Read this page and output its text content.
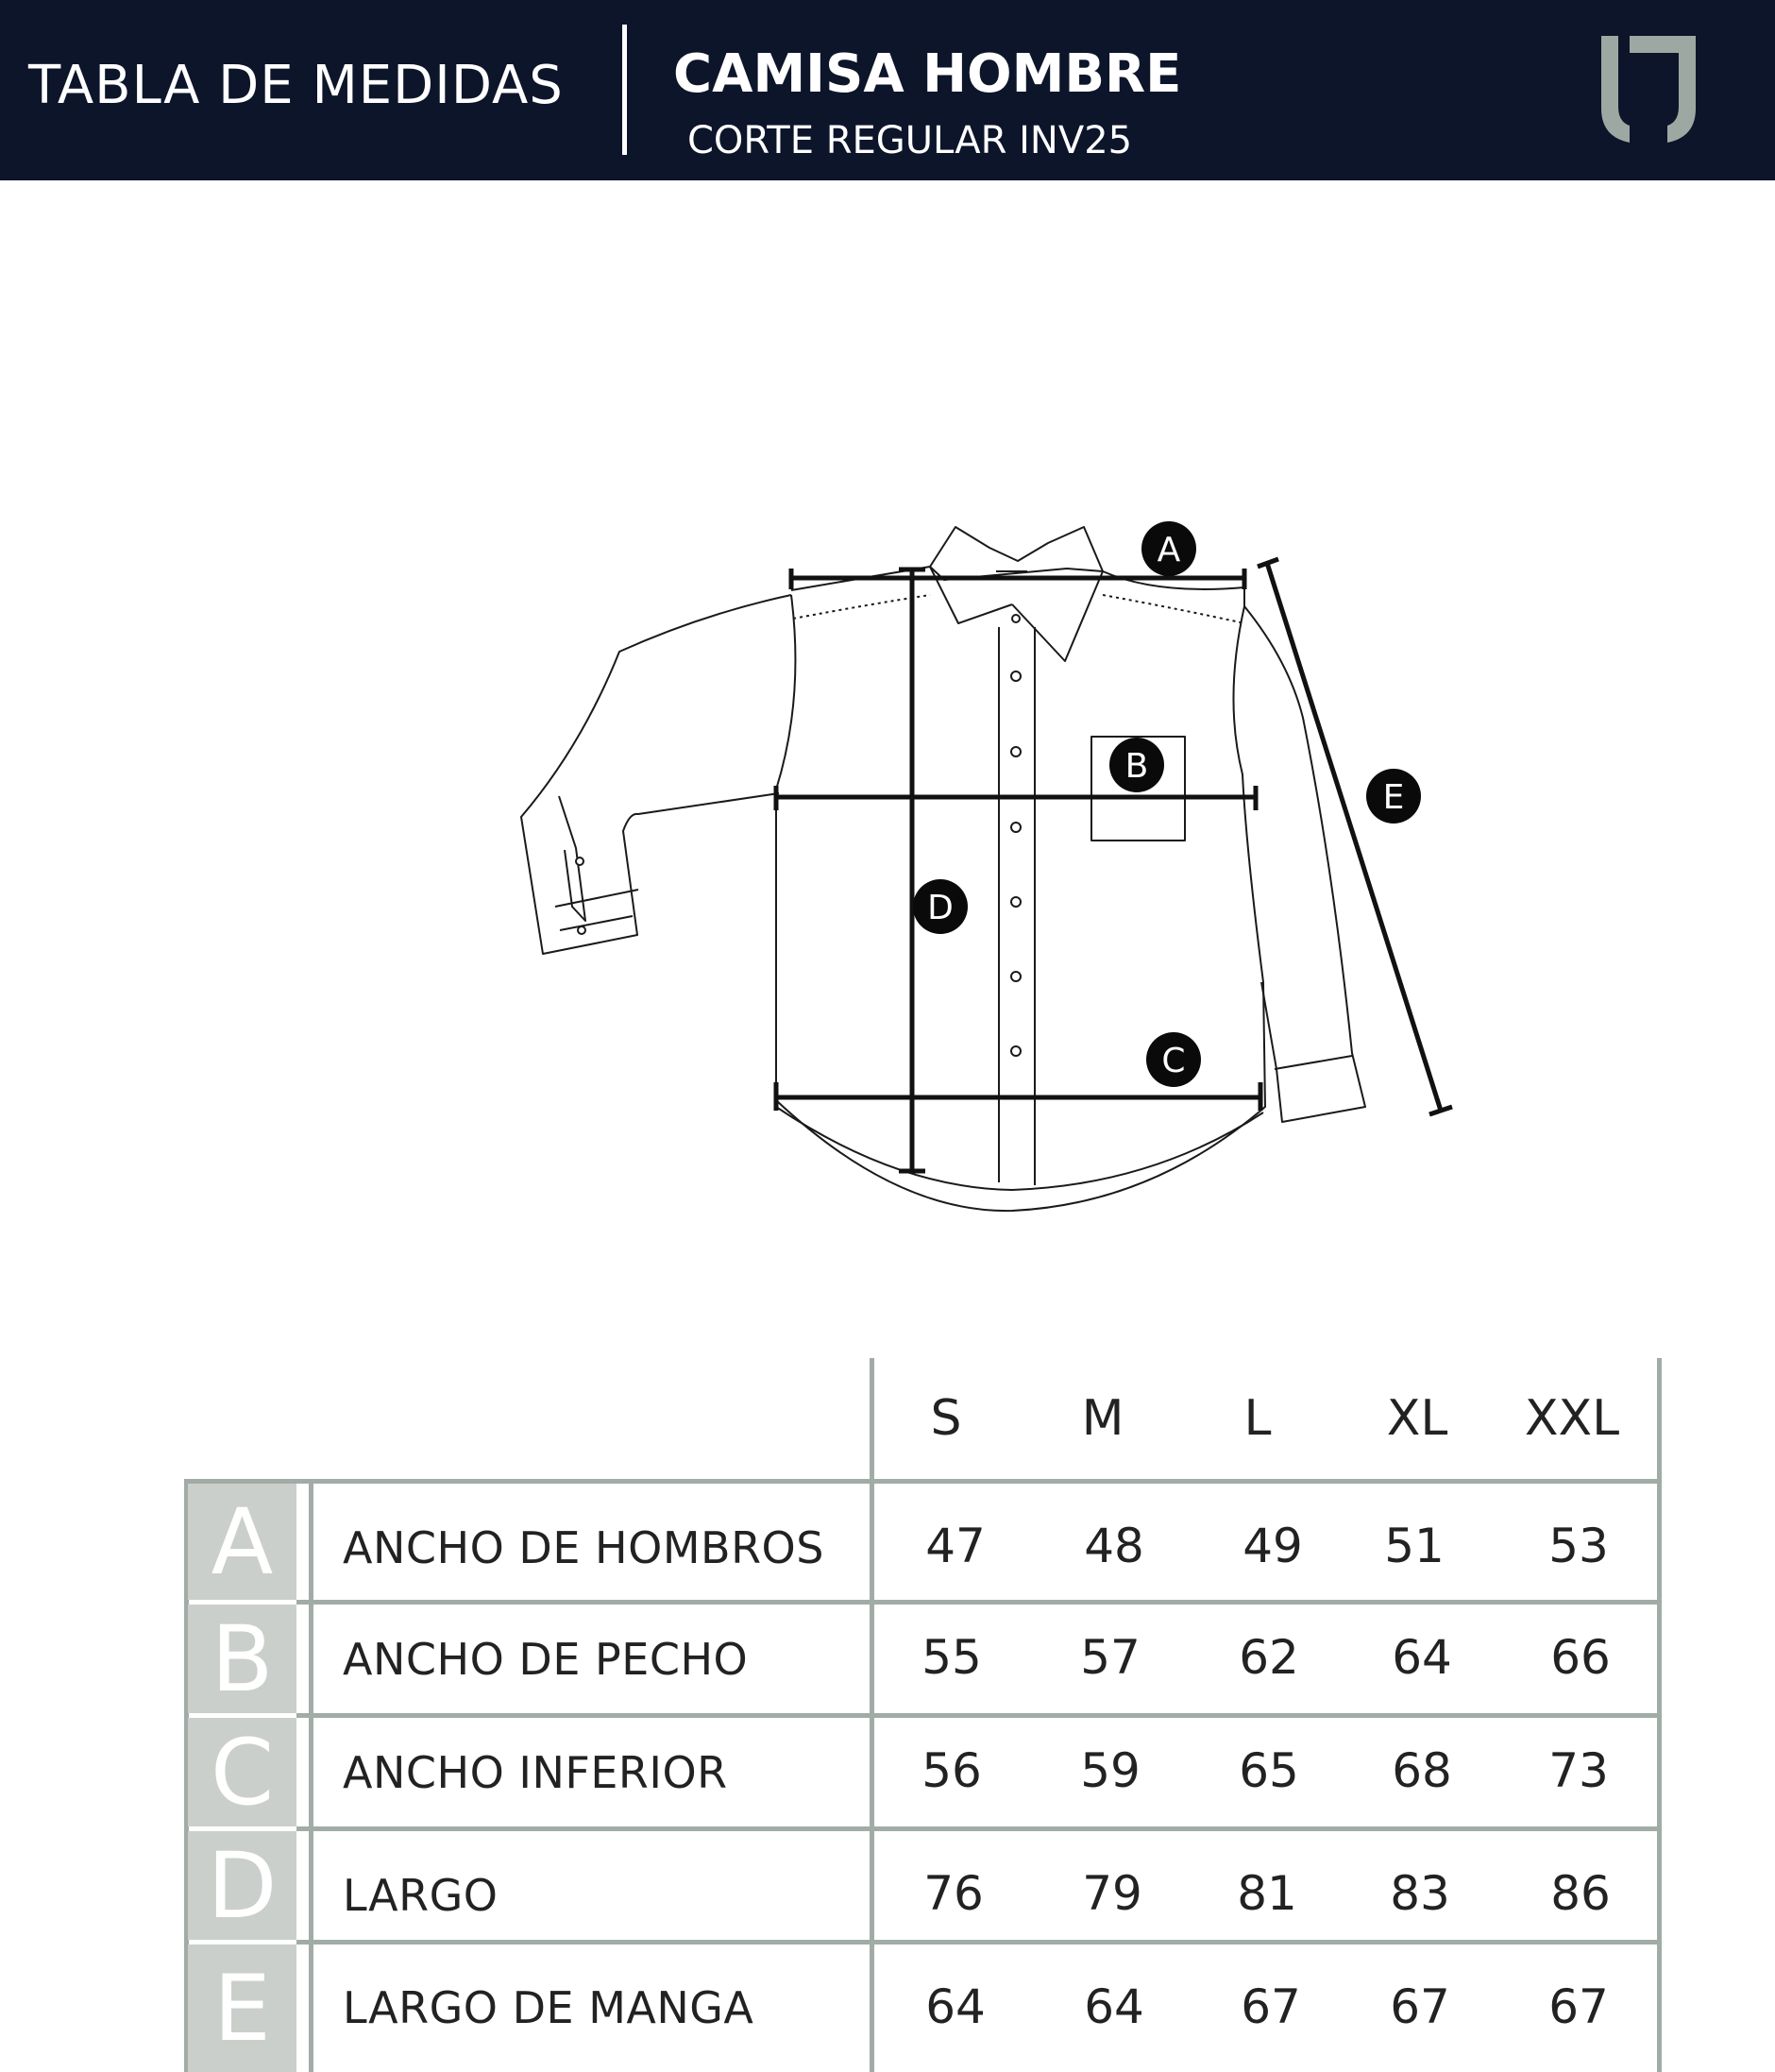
TABLA DE MEDIDAS CAMISA HOMBRE
CORTE REGULAR INV25
A
B
C
D
E
S	M	L	XL	XXL
A	ANCHO DE HOMBROS	47	48	49	51	53
B	ANCHO DE PECHO	55	57	62	64	66
C	ANCHO INFERIOR	56	59	65	68	73
D	LARGO	76	79	81	83	86
E	LARGO DE MANGA	64	64	67	67	67
